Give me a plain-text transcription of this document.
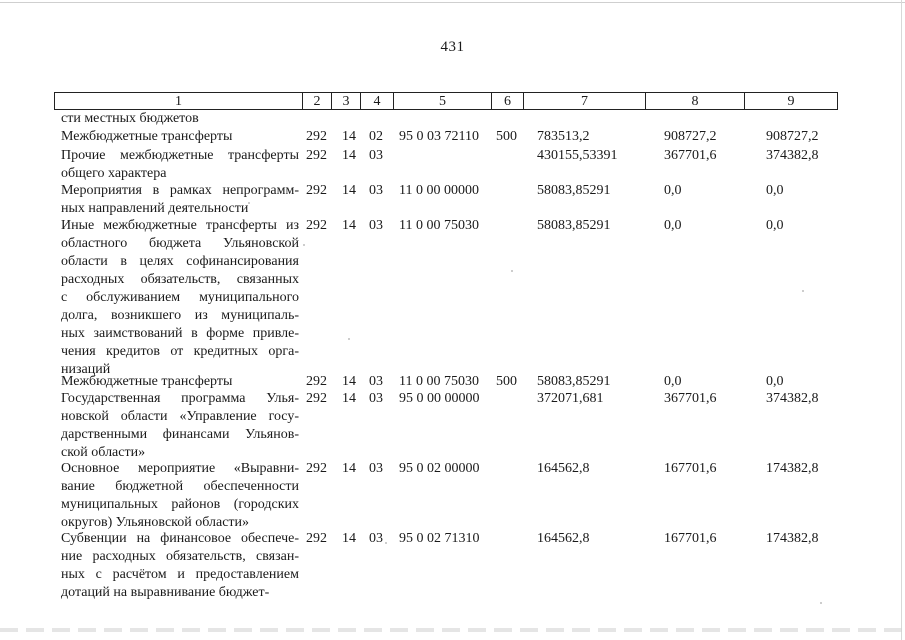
431
1	2	3	4	5	6	7	8	9
сти местных бюджетов
Межбюджетные трансферты	292 14 02 95 0 03 72110 500 783513,2	908727,2	908727,2
Прочие межбюджетные трансферты
общего характера
292 14 03	430155,53391	367701,6	374382,8
Мероприятия в рамках непрограмм-
ных направлений деятельности
292 14 03 11 0 00 00000	58083,85291	0,0	0,0
Иные межбюджетные трансферты из
областного бюджета Ульяновской
области в целях софинансирования
расходных обязательств, связанных
с обслуживанием муниципального
долга, возникшего из муниципаль-
ных заимствований в форме привле-
чения кредитов от кредитных орга-
низаций
292 14 03 11 0 00 75030	58083,85291	0,0	0,0
Межбюджетные трансферты	292 14 03 11 0 00 75030 500 58083,85291	0,0	0,0
Государственная программа Улья-
новской области «Управление госу-
дарственными финансами Ульянов-
ской области»
292 14 03 95 0 00 00000	372071,681	367701,6	374382,8
Основное мероприятие «Выравни-
вание бюджетной обеспеченности
муниципальных районов (городских
округов) Ульяновской области»
292 14 03 95 0 02 00000	164562,8	167701,6	174382,8
Субвенции на финансовое обеспече-
ние расходных обязательств, связан-
ных с расчётом и предоставлением
дотаций на выравнивание бюджет-
292 14 03 95 0 02 71310	164562,8	167701,6	174382,8
